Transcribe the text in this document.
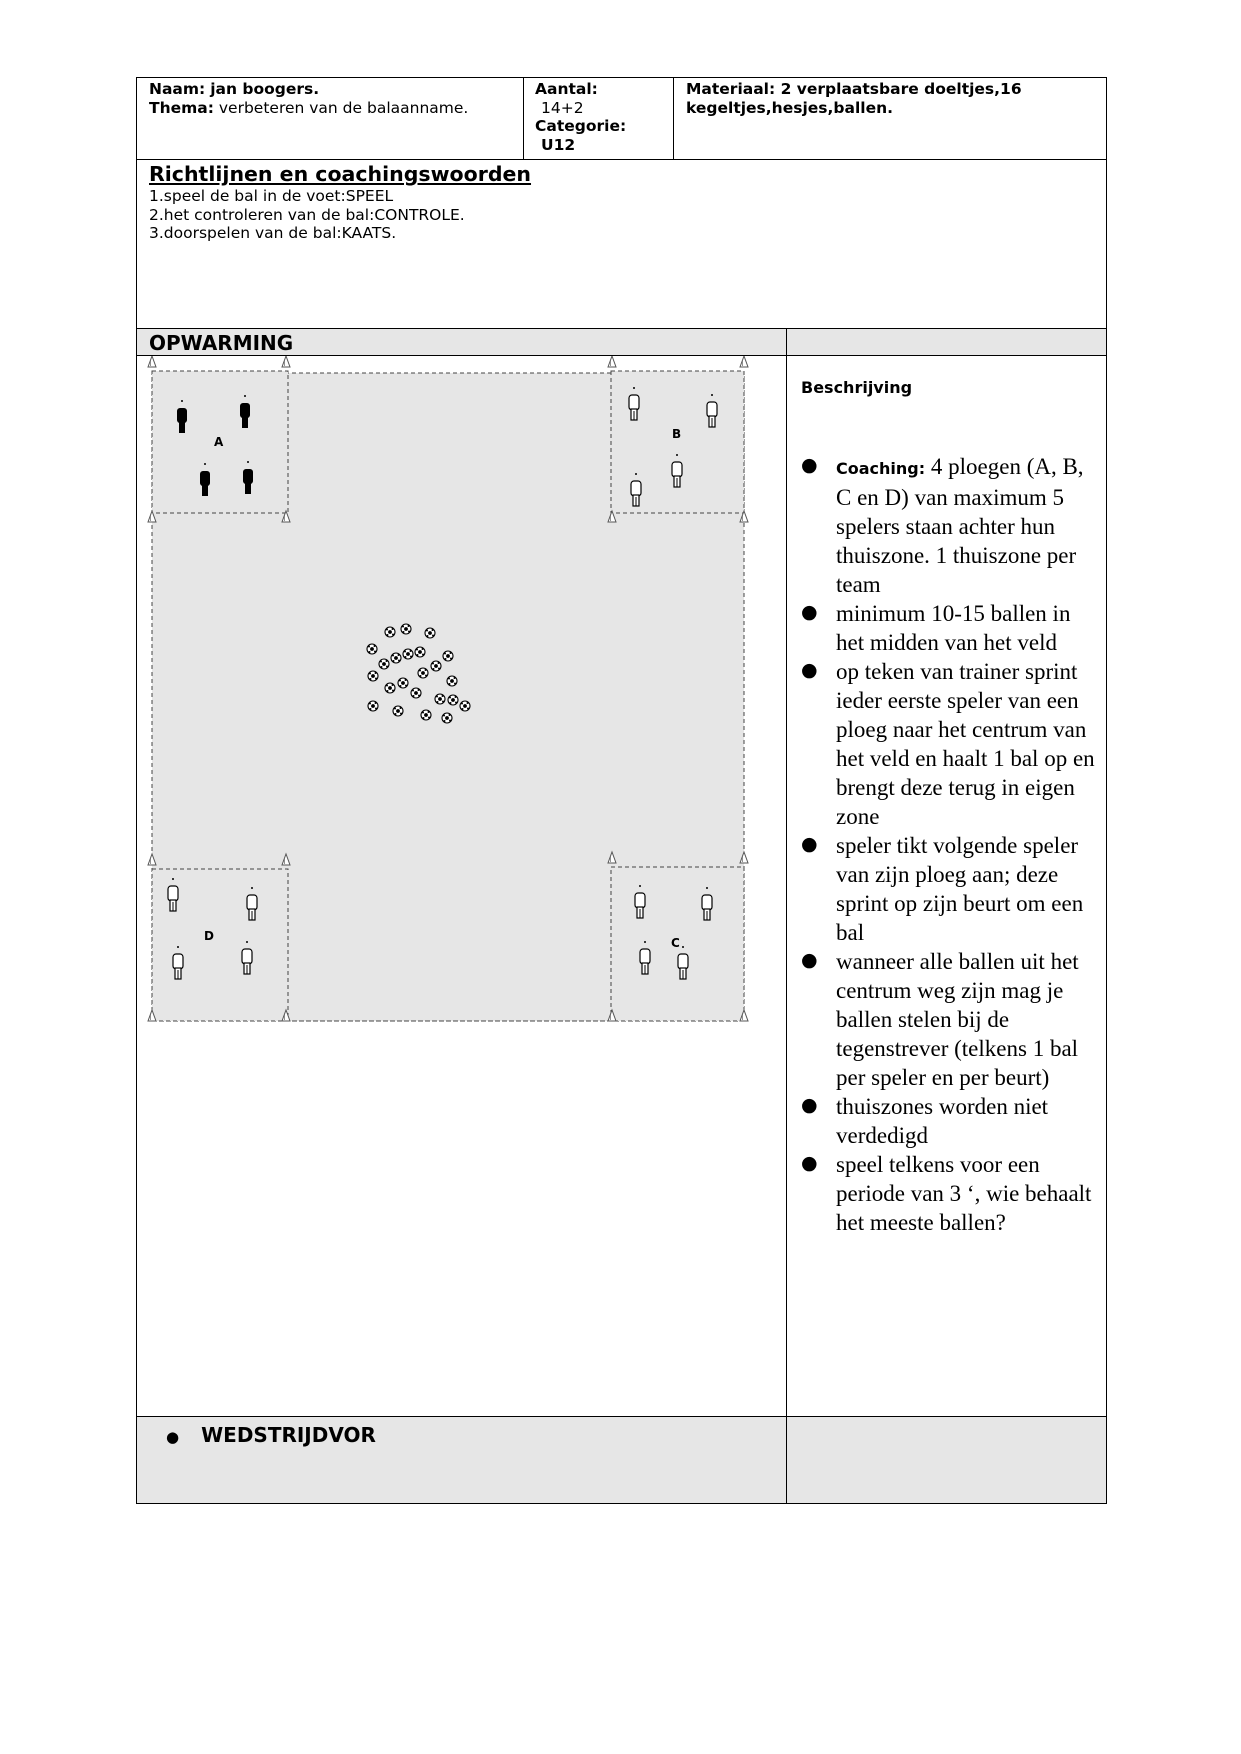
Naam: jan boogers.
Thema: verbeteren van de balaanname.
Aantal:
14+2
Categorie:
U12
Materiaal: 2 verplaatsbare doeltjes,16 kegeltjes,hesjes,ballen.
Richtlijnen en coachingswoorden
1.speel de bal in de voet:SPEEL
2.het controleren van de bal:CONTROLE.
3.doorspelen van de bal:KAATS.
OPWARMING
A
B
D	C
Beschrijving
● Coaching: 4 ploegen (A, B, C en D) van maximum 5 spelers staan achter hun thuiszone. 1 thuiszone per team
● minimum 10-15 ballen in het midden van het veld
● op teken van trainer sprint ieder eerste speler van een ploeg naar het centrum van het veld en haalt 1 bal op en brengt deze terug in eigen zone
● speler tikt volgende speler van zijn ploeg aan; deze sprint op zijn beurt om een bal
● wanneer alle ballen uit het centrum weg zijn mag je ballen stelen bij de tegenstrever (telkens 1 bal per speler en per beurt)
● thuiszones worden niet verdedigd
● speel telkens voor een periode van 3 ‘, wie behaalt het meeste ballen?
● WEDSTRIJDVOR
